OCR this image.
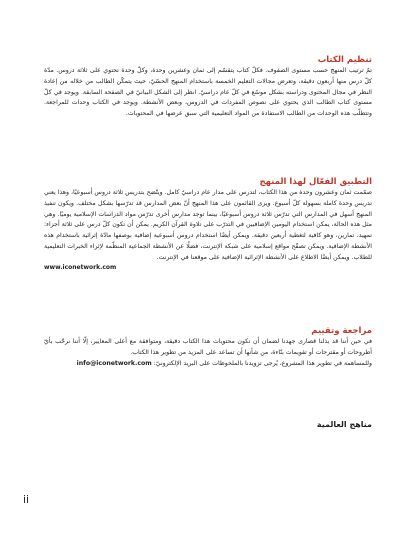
تنظيم الكتاب

تمّ ترتيب المنهج حسب مستوى الصفوف. فكلّ كتاب يتقسّم إلى ثمان وعشرين وحدة، وكلّ وحدة تحتوي على ثلاثة دروس. مدّة كلّ درس منها أربعون دقيقة، وتعرض مجالات التعليم الخمسة باستخدام المنهج الحسّيّ، حيث يتمكّن الطالب من خلاله من إعادة النظر في مجال المحتوى ودراسته بشكل موسّع في كلّ عام دراسيّ. انظر إلى الشكل البيانيّ في الصفحة السابقة. ويوجد في كلّ مستوى كتاب الطالب الذي يحتوي على نصوص المفردات في الدروس، وبعض الأنشطة. ويوجد في الكتاب وحدات للمراجعة. وتتطلّب هذه الوحدات من الطالب الاستفادة من المواد التعليمية التي سبق عرضها في المحتويات.

التطبيق الفعّال لهذا المنهج

صمّمت ثمان وعشرون وحدة من هذا الكتاب، لتدرس على مدار عام دراسيّ كامل. ويتّضح بتدريس ثلاثة دروس أسبوعيًا، وهذا يعني تدريس وحدة كاملة بسهولة كلّ أسبوع. ويرى القائمون على هذا المنهج أنّ بعض المدارس قد تدرّسها بشكل مختلف. ويكون تنفيذ المنهج أسهل في المدارس التي تدرّس ثلاثة دروس أسبوعيًا، بينما توجد مدارس أخرى تدرّس مواد الدراسات الإسلامية يوميًا. وهي مثل هذه الحالة، يمكن استخدام اليومين الإضافيين في التدرّب على تلاوة القرآن الكريم. يمكن أن تكون كلّ درس على ثلاثة أجزاء: تمهيد، تمارين، وهو كافية لتغطية أربعين دقيقة. ويمكن أيضًا استخدام دروس أسبوعية إضافية بوصفها مادّة إثرائية باستخدام هذه الأنشطة الإضافية. ويمكن تصفّح مواقع إسلامية على شبكة الإنترنت، فضلًا عن الأنشطة الجماعية المنظّمة لإثراء الخبرات التعليمية للطلاب. ويمكن أيضًا الاطلاع على الأنشطة الإثرائية الإضافية على موقعنا في الإنترنت.

www.iconetwork.com

مراجعة وتقييم

في حين أننا قد بذلنا قصارى جهدنا لضمان أن تكون محتويات هذا الكتاب دقيقة، ومتوافقة مع أعلى المعايير، إلّا أننا نرحّب بأيّ أطروحات أو مقترحات أو تقويمات بنّاءة، من شأنها أن تساعد على المزيد من تطوير هذا الكتاب.

وللمساهمة في تطوير هذا المشروع، يُرجى تزويدنا بالملحوظات على البريد الإلكترونيّ: info@iconetwork.com

مناهج العالمية

ii
